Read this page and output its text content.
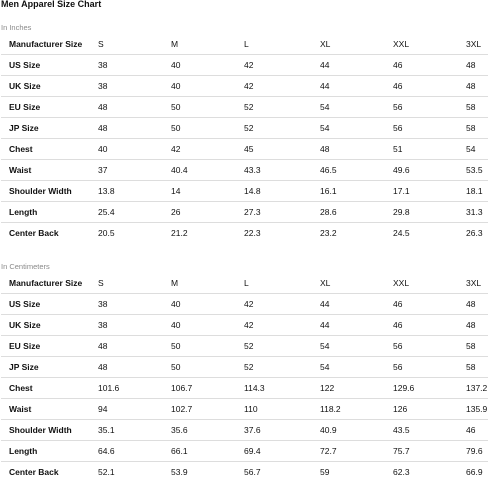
Men Apparel Size Chart
In Inches
Manufacturer Size	S	M	L	XL	XXL	3XL
US Size	38	40	42	44	46	48
UK Size	38	40	42	44	46	48
EU Size	48	50	52	54	56	58
JP Size	48	50	52	54	56	58
Chest	40	42	45	48	51	54
Waist	37	40.4	43.3	46.5	49.6	53.5
Shoulder Width	13.8	14	14.8	16.1	17.1	18.1
Length	25.4	26	27.3	28.6	29.8	31.3
Center Back	20.5	21.2	22.3	23.2	24.5	26.3
In Centimeters
Manufacturer Size	S	M	L	XL	XXL	3XL
US Size	38	40	42	44	46	48
UK Size	38	40	42	44	46	48
EU Size	48	50	52	54	56	58
JP Size	48	50	52	54	56	58
Chest	101.6	106.7	114.3	122	129.6	137.2
Waist	94	102.7	110	118.2	126	135.9
Shoulder Width	35.1	35.6	37.6	40.9	43.5	46
Length	64.6	66.1	69.4	72.7	75.7	79.6
Center Back	52.1	53.9	56.7	59	62.3	66.9
